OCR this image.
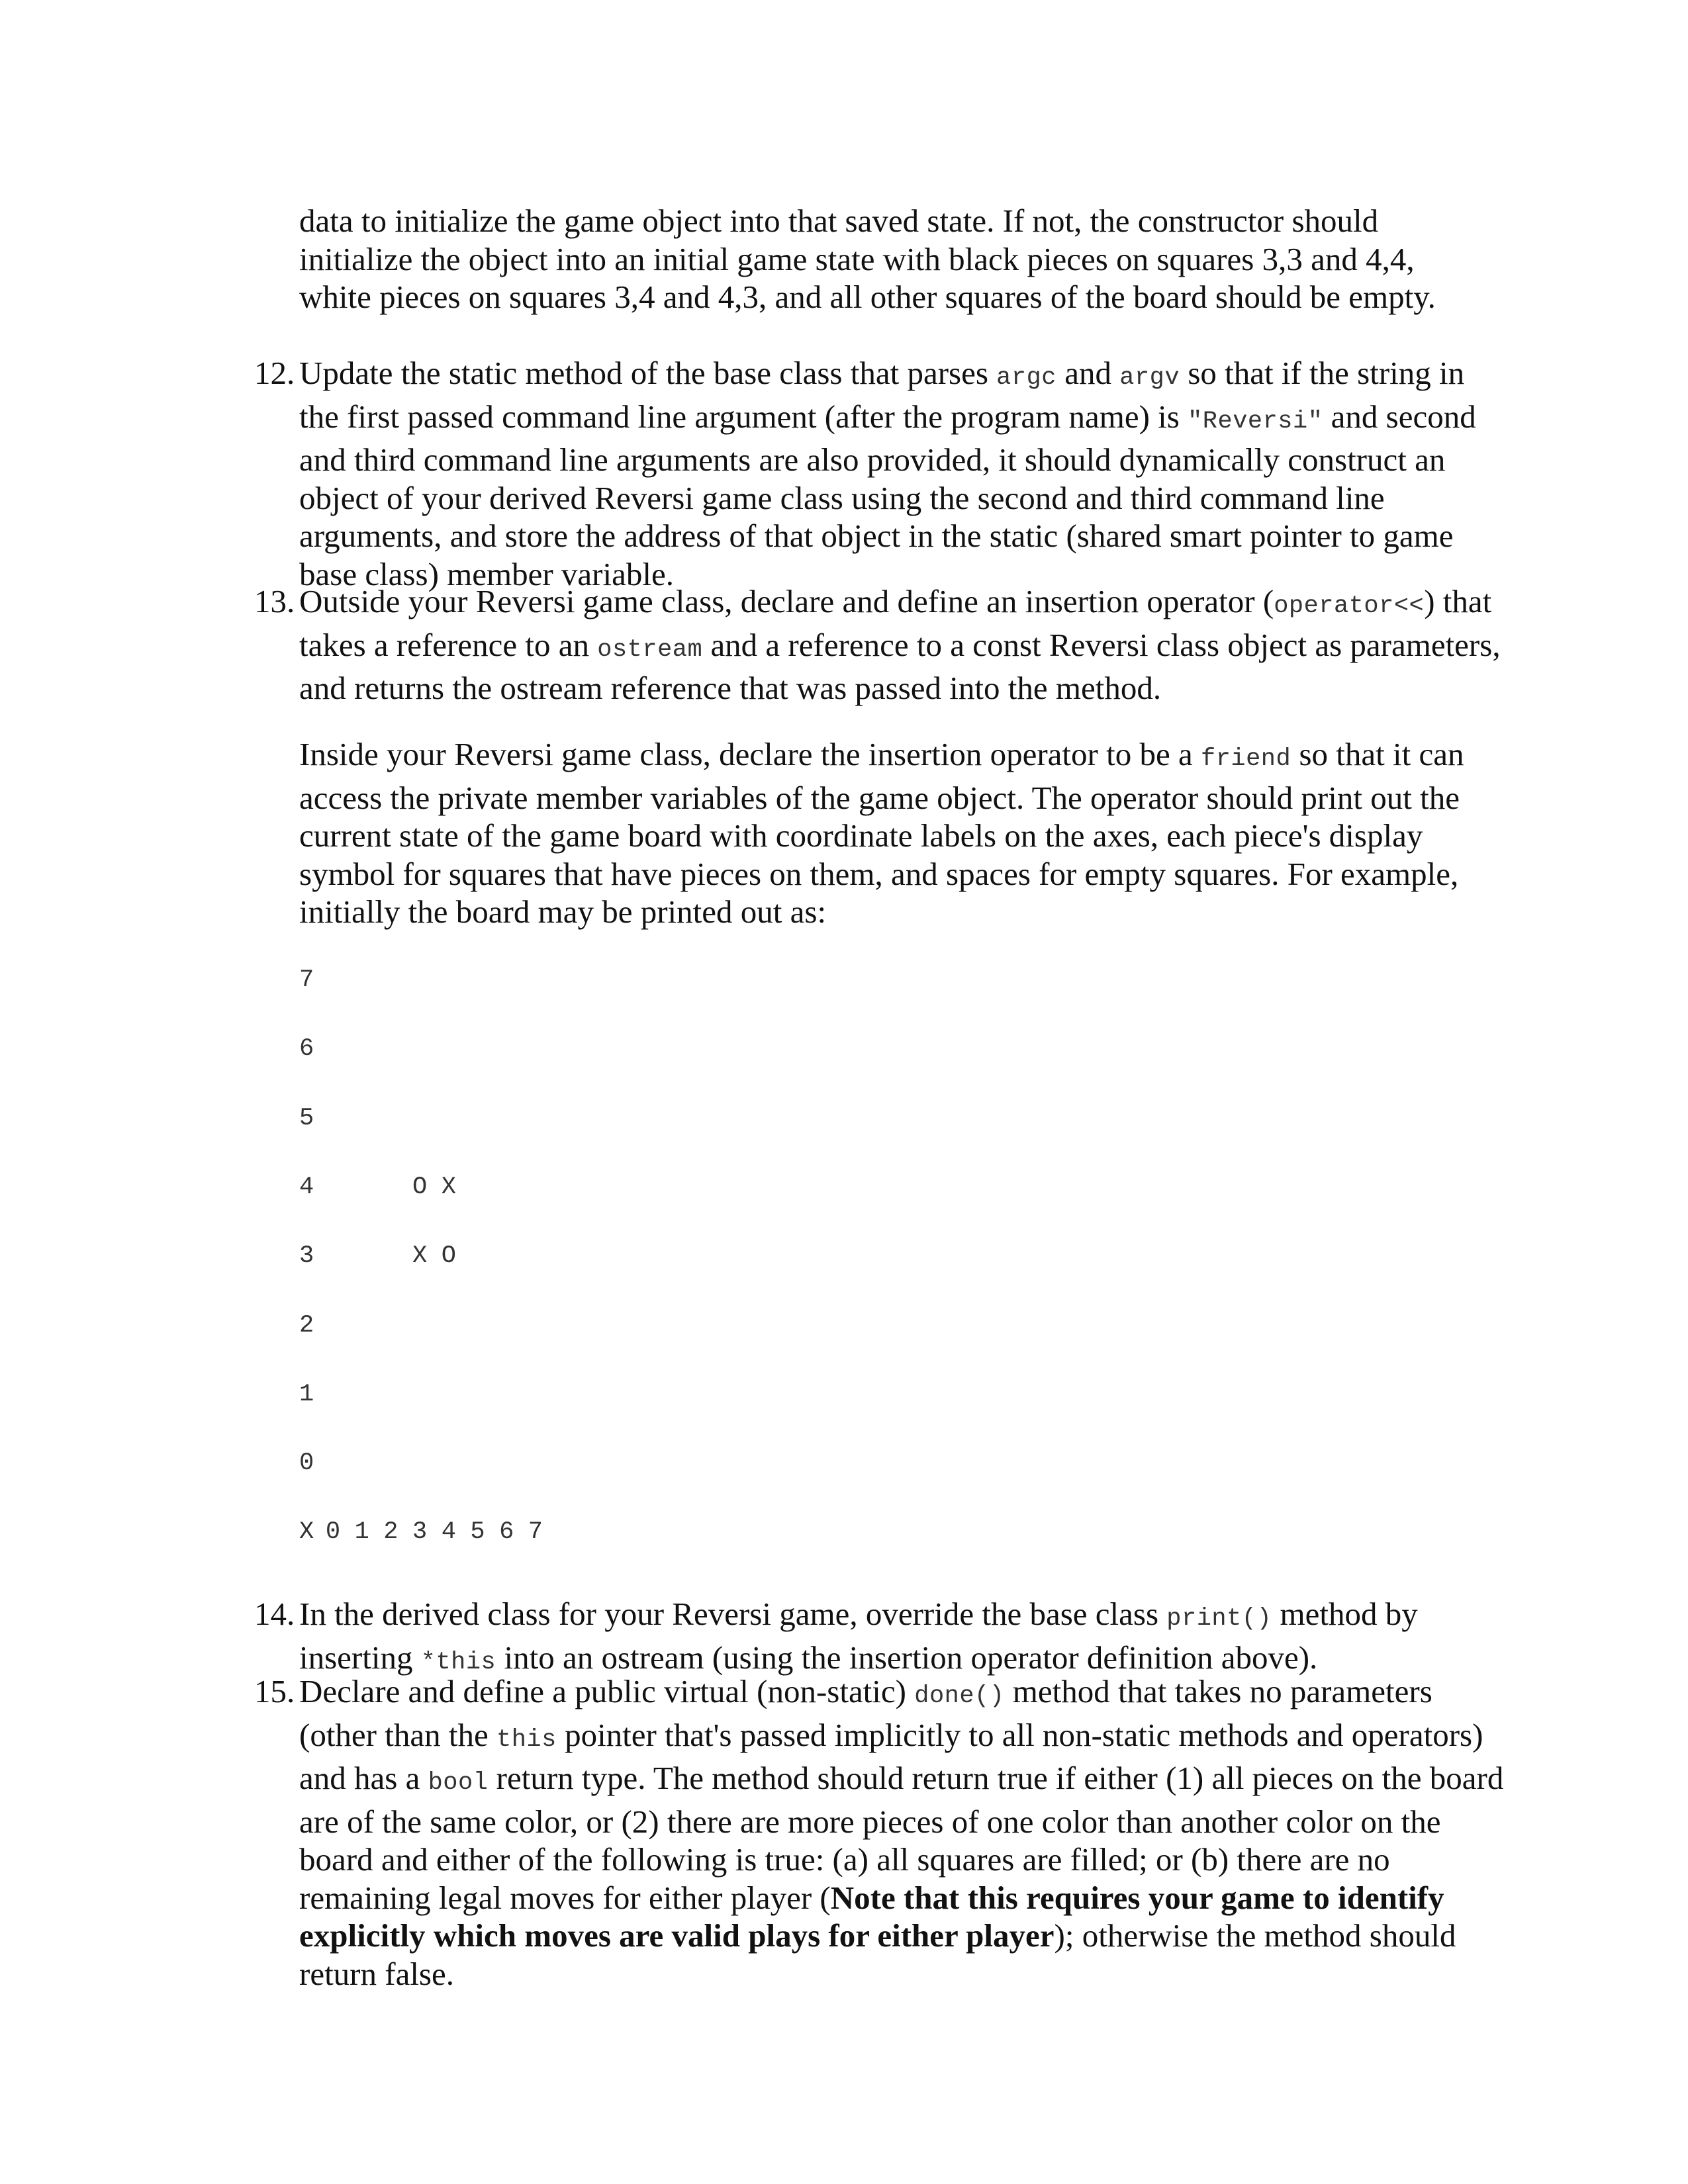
data to initialize the game object into that saved state. If not, the constructor should
initialize the object into an initial game state with black pieces on squares 3,3 and 4,4,
white pieces on squares 3,4 and 4,3, and all other squares of the board should be empty.
12. Update the static method of the base class that parses argc and argv so that if the string in the first passed command line argument (after the program name) is "Reversi" and second and third command line arguments are also provided, it should dynamically construct an object of your derived Reversi game class using the second and third command line arguments, and store the address of that object in the static (shared smart pointer to game base class) member variable.
13. Outside your Reversi game class, declare and define an insertion operator (operator<<) that takes a reference to an ostream and a reference to a const Reversi class object as parameters, and returns the ostream reference that was passed into the method.
Inside your Reversi game class, declare the insertion operator to be a friend so that it can access the private member variables of the game object. The operator should print out the current state of the game board with coordinate labels on the axes, each piece's display symbol for squares that have pieces on them, and spaces for empty squares. For example, initially the board may be printed out as:
7
6
5
4	O X
3	X O
2
1
0
X 0 1 2 3 4 5 6 7
14. In the derived class for your Reversi game, override the base class print() method by inserting *this into an ostream (using the insertion operator definition above).
15. Declare and define a public virtual (non-static) done() method that takes no parameters (other than the this pointer that's passed implicitly to all non-static methods and operators) and has a bool return type. The method should return true if either (1) all pieces on the board are of the same color, or (2) there are more pieces of one color than another color on the board and either of the following is true: (a) all squares are filled; or (b) there are no remaining legal moves for either player (Note that this requires your game to identify explicitly which moves are valid plays for either player); otherwise the method should return false.
